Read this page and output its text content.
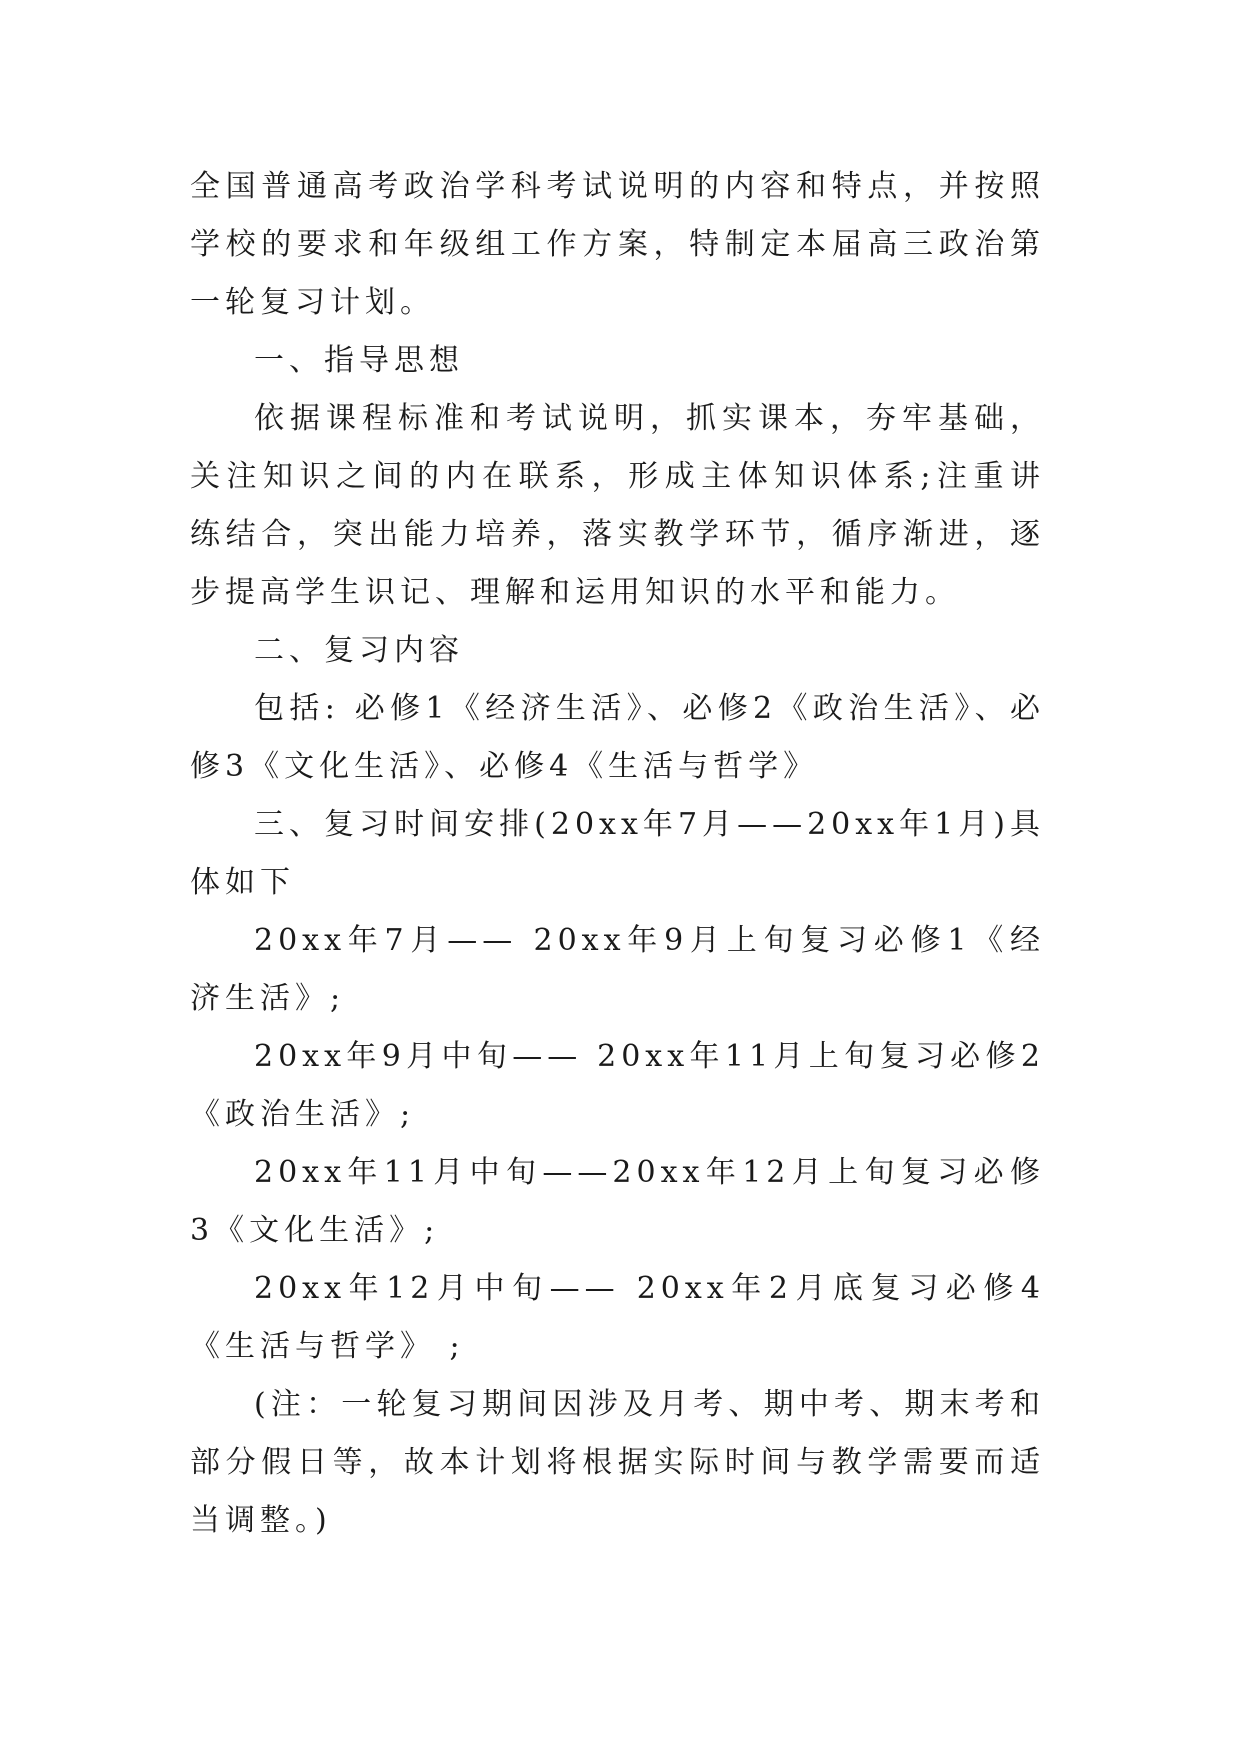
全国普通高考政治学科考试说明的内容和特点，并按照学校的要求和年级组工作方案，特制定本届高三政治第一轮复习计划。

一、指导思想

依据课程标准和考试说明，抓实课本，夯牢基础，关注知识之间的内在联系，形成主体知识体系;注重讲练结合，突出能力培养，落实教学环节，循序渐进，逐步提高学生识记、理解和运用知识的水平和能力。

二、复习内容

包括: 必修1《经济生活》、必修2《政治生活》、必修3《文化生活》、必修4《生活与哲学》

三、复习时间安排(20xx年7月——20xx年1月)具体如下

20xx年7月—— 20xx年9月上旬复习必修1《经济生活》;

20xx年9月中旬—— 20xx年11月上旬复习必修2《政治生活》;

20xx年11月中旬——20xx年12月上旬复习必修3《文化生活》;

20xx年12月中旬—— 20xx年2月底复习必修4《生活与哲学》 ;

(注：一轮复习期间因涉及月考、期中考、期末考和部分假日等，故本计划将根据实际时间与教学需要而适当调整。)
